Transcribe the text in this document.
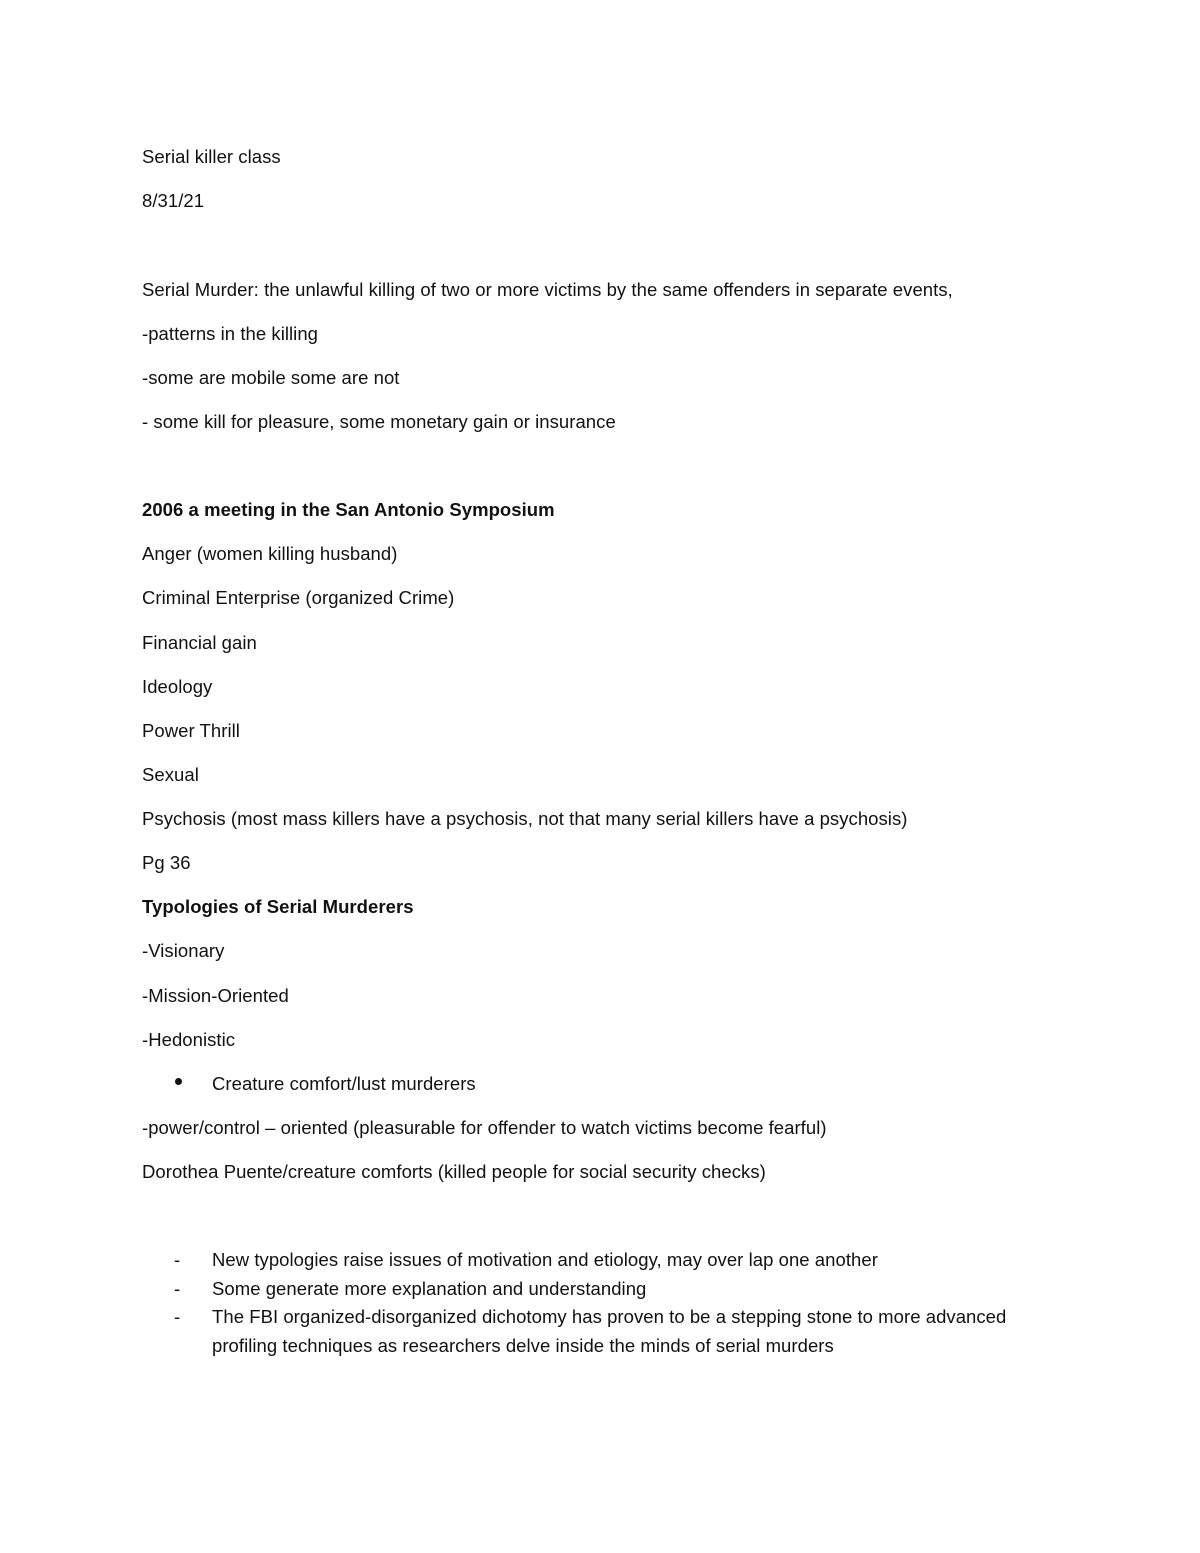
Serial killer class
8/31/21
Serial Murder: the unlawful killing of two or more victims by the same offenders in separate events,
-patterns in the killing
-some are mobile some are not
- some kill for pleasure, some monetary gain or insurance
2006 a meeting in the San Antonio Symposium
Anger (women killing husband)
Criminal Enterprise (organized Crime)
Financial gain
Ideology
Power Thrill
Sexual
Psychosis (most mass killers have a psychosis, not that many serial killers have a psychosis)
Pg 36
Typologies of Serial Murderers
-Visionary
-Mission-Oriented
-Hedonistic
Creature comfort/lust murderers
-power/control – oriented (pleasurable for offender to watch victims become fearful)
Dorothea Puente/creature comforts (killed people for social security checks)
- New typologies raise issues of motivation and etiology, may over lap one another
- Some generate more explanation and understanding
- The FBI organized-disorganized dichotomy has proven to be a stepping stone to more advanced
profiling techniques as researchers delve inside the minds of serial murders
